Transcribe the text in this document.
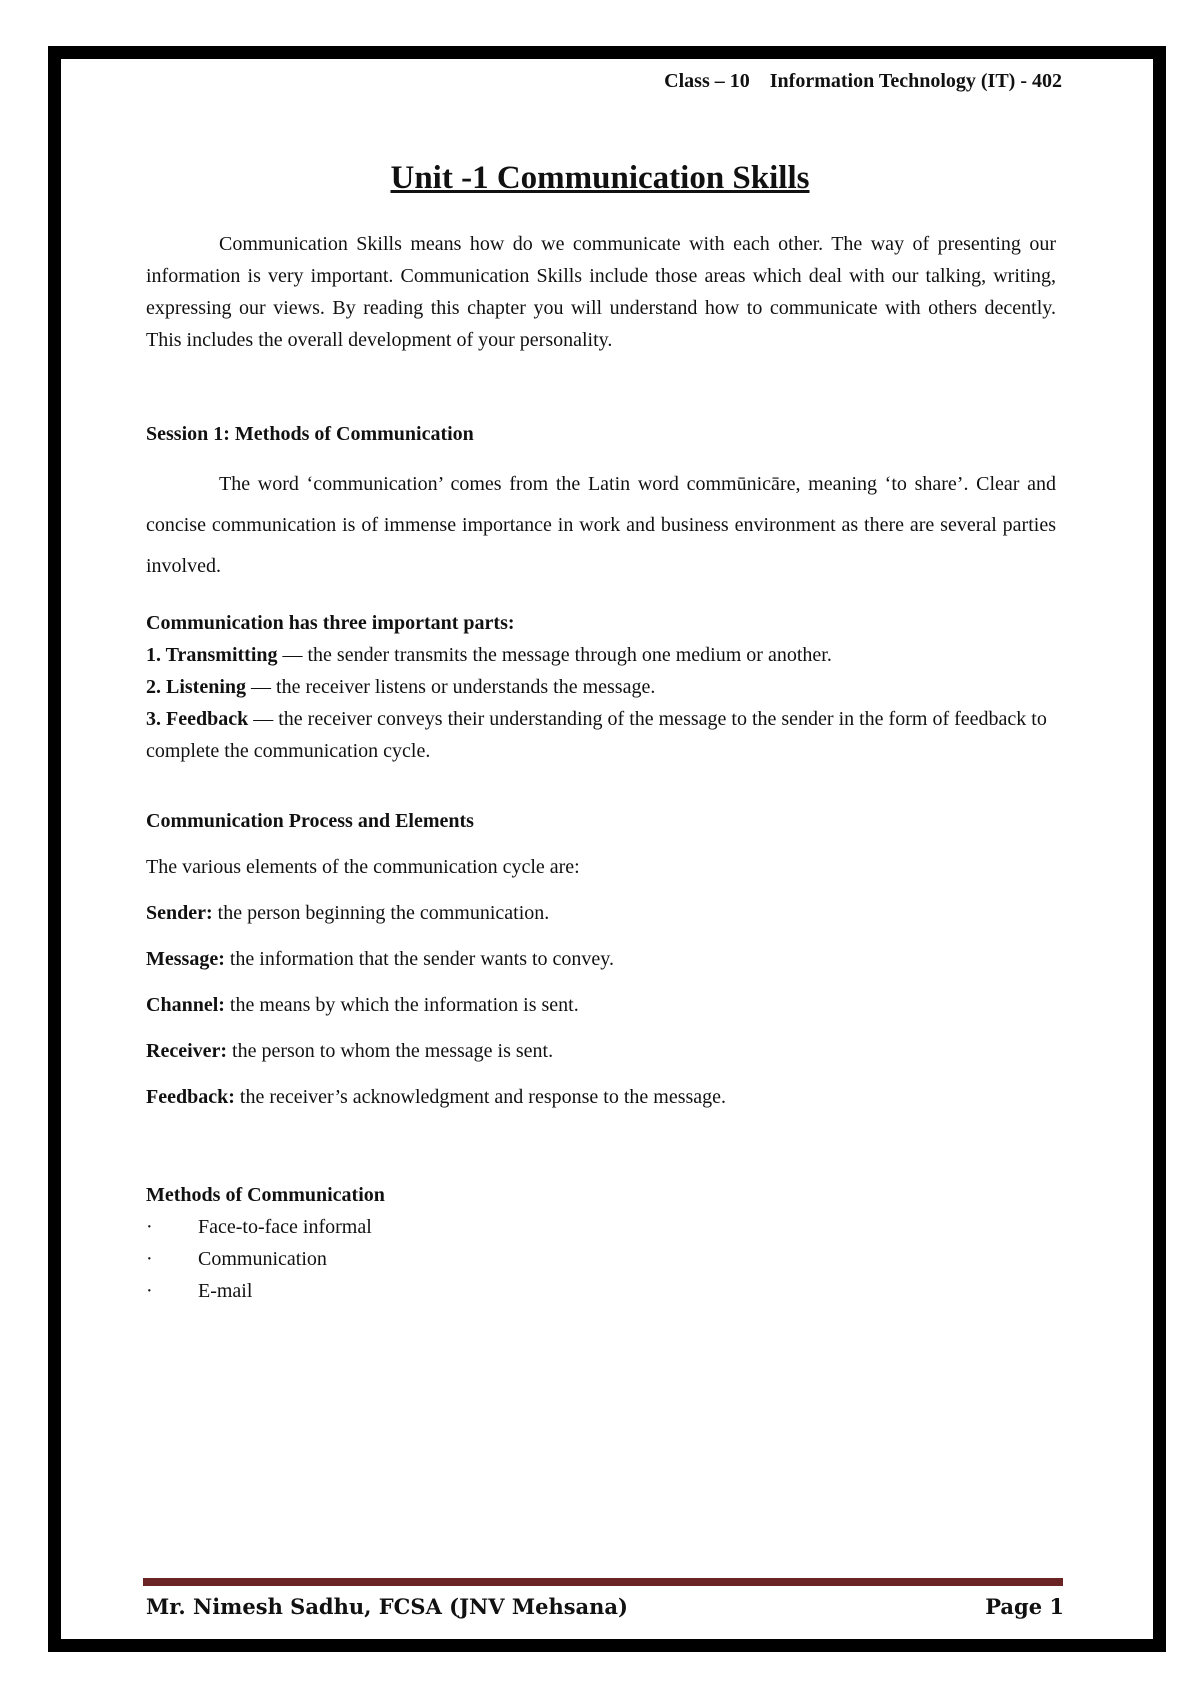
Class – 10 Information Technology (IT) - 402
Unit -1 Communication Skills

Communication Skills means how do we communicate with each other. The way of presenting our information is very important. Communication Skills include those areas which deal with our talking, writing, expressing our views. By reading this chapter you will understand how to communicate with others decently. This includes the overall development of your personality.

Session 1: Methods of Communication

The word ‘communication’ comes from the Latin word commūnicāre, meaning ‘to share’. Clear and concise communication is of immense importance in work and business environment as there are several parties involved.

Communication has three important parts:

1. Transmitting — the sender transmits the message through one medium or another.

2. Listening — the receiver listens or understands the message.

3. Feedback — the receiver conveys their understanding of the message to the sender in the form of feedback to complete the communication cycle.

Communication Process and Elements

The various elements of the communication cycle are:

Sender: the person beginning the communication.

Message: the information that the sender wants to convey.

Channel: the means by which the information is sent.

Receiver: the person to whom the message is sent.

Feedback: the receiver’s acknowledgment and response to the message.

Methods of Communication

·	Face-to-face informal
·	Communication
·	E-mail
Mr. Nimesh Sadhu, FCSA (JNV Mehsana)	Page 1
